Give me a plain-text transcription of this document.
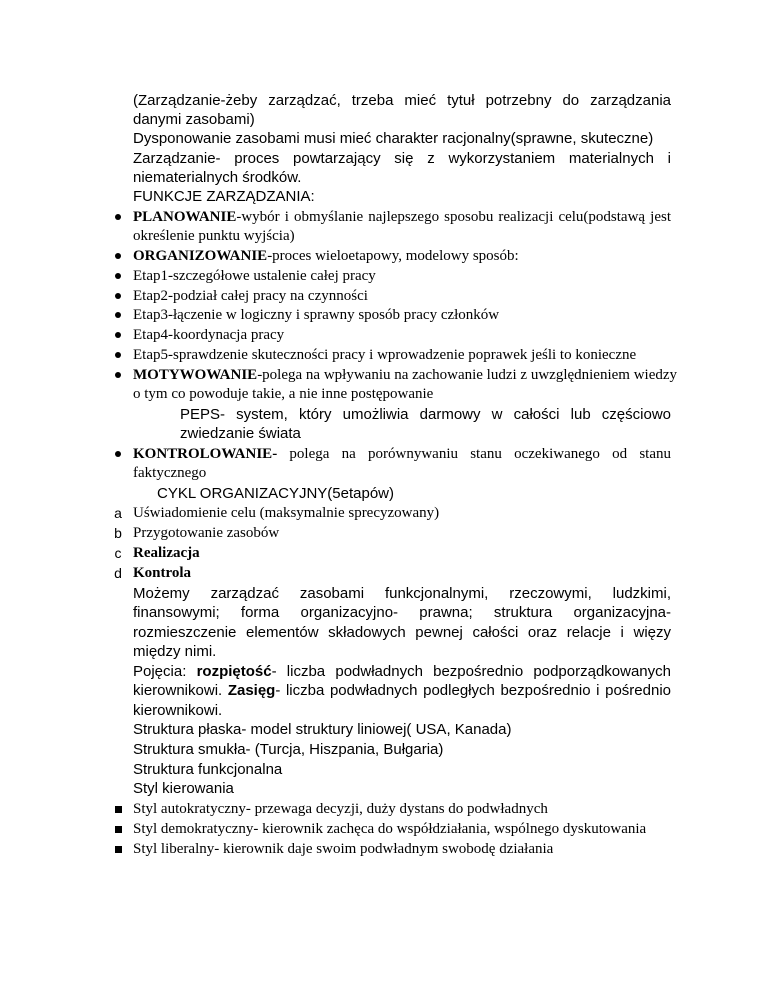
(Zarządzanie-żeby zarządzać, trzeba mieć tytuł potrzebny do zarządzania
danymi zasobami)
Dysponowanie zasobami musi mieć charakter racjonalny(sprawne, skuteczne)
Zarządzanie- proces powtarzający się z wykorzystaniem materialnych i
niematerialnych środków.
FUNKCJE ZARZĄDZANIA:
PLANOWANIE-wybór i obmyślanie najlepszego sposobu realizacji celu(podstawą jest
określenie punktu wyjścia)
ORGANIZOWANIE-proces wieloetapowy, modelowy sposób:
Etap1-szczegółowe ustalenie całej pracy
Etap2-podział całej pracy na czynności
Etap3-łączenie w logiczny i sprawny sposób pracy członków
Etap4-koordynacja pracy
Etap5-sprawdzenie skuteczności pracy i wprowadzenie poprawek jeśli to konieczne
MOTYWOWANIE-polega na wpływaniu na zachowanie ludzi z uwzględnieniem wiedzy
o tym co powoduje takie, a nie inne postępowanie
PEPS- system, który umożliwia darmowy w całości lub częściowo
zwiedzanie świata
KONTROLOWANIE- polega na porównywaniu stanu oczekiwanego od stanu
faktycznego
CYKL ORGANIZACYJNY(5etapów)
a Uświadomienie celu (maksymalnie sprecyzowany)
b Przygotowanie zasobów
c Realizacja
d Kontrola
Możemy zarządzać zasobami funkcjonalnymi, rzeczowymi, ludzkimi,
finansowymi; forma organizacyjno- prawna; struktura organizacyjna-
rozmieszczenie elementów składowych pewnej całości oraz relacje i więzy
między nimi.
Pojęcia: rozpiętość- liczba podwładnych bezpośrednio podporządkowanych
kierownikowi. Zasięg- liczba podwładnych podległych bezpośrednio i pośrednio
kierownikowi.
Struktura płaska- model struktury liniowej( USA, Kanada)
Struktura smukła- (Turcja, Hiszpania, Bułgaria)
Struktura funkcjonalna
Styl kierowania
Styl autokratyczny- przewaga decyzji, duży dystans do podwładnych
Styl demokratyczny- kierownik zachęca do współdziałania, wspólnego dyskutowania
Styl liberalny- kierownik daje swoim podwładnym swobodę działania
